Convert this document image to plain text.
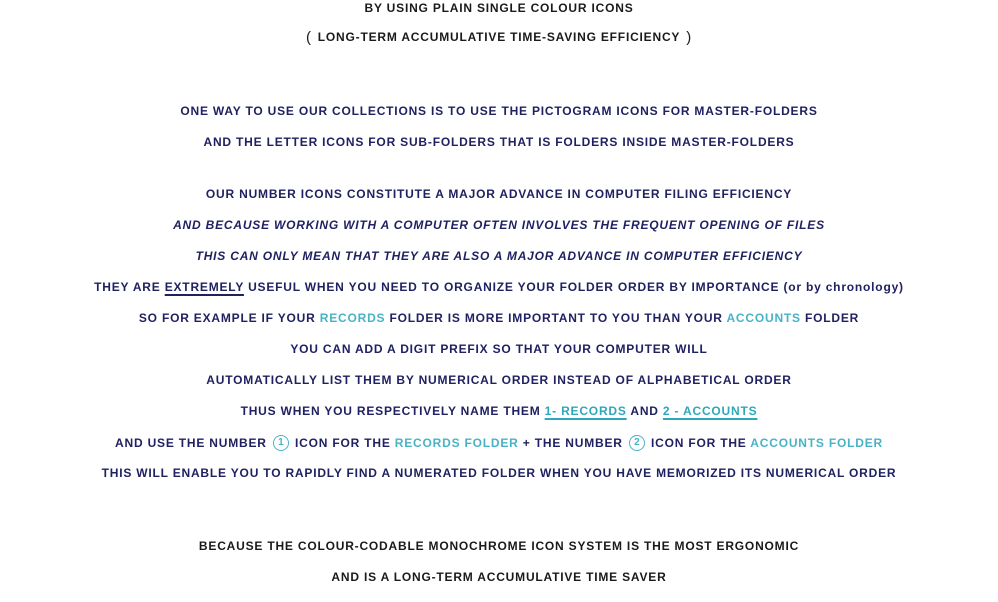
BY USING PLAIN SINGLE COLOUR ICONS
( LONG-TERM ACCUMULATIVE TIME-SAVING EFFICIENCY )
ONE WAY TO USE OUR COLLECTIONS IS TO USE THE PICTOGRAM ICONS FOR MASTER-FOLDERS
AND THE LETTER ICONS FOR SUB-FOLDERS THAT IS FOLDERS INSIDE MASTER-FOLDERS
OUR NUMBER ICONS CONSTITUTE A MAJOR ADVANCE IN COMPUTER FILING EFFICIENCY
AND BECAUSE WORKING WITH A COMPUTER OFTEN INVOLVES THE FREQUENT OPENING OF FILES
THIS CAN ONLY MEAN THAT THEY ARE ALSO A MAJOR ADVANCE IN COMPUTER EFFICIENCY
THEY ARE EXTREMELY USEFUL WHEN YOU NEED TO ORGANIZE YOUR FOLDER ORDER BY IMPORTANCE (or by chronology)
SO FOR EXAMPLE IF YOUR RECORDS FOLDER IS MORE IMPORTANT TO YOU THAN YOUR ACCOUNTS FOLDER
YOU CAN ADD A DIGIT PREFIX SO THAT YOUR COMPUTER WILL
AUTOMATICALLY LIST THEM BY NUMERICAL ORDER INSTEAD OF ALPHABETICAL ORDER
THUS WHEN YOU RESPECTIVELY NAME THEM 1- RECORDS AND 2 - ACCOUNTS
AND USE THE NUMBER 1 ICON FOR THE RECORDS FOLDER + THE NUMBER 2 ICON FOR THE ACCOUNTS FOLDER
THIS WILL ENABLE YOU TO RAPIDLY FIND A NUMERATED FOLDER WHEN YOU HAVE MEMORIZED ITS NUMERICAL ORDER
BECAUSE THE COLOUR-CODABLE MONOCHROME ICON SYSTEM IS THE MOST ERGONOMIC
AND IS A LONG-TERM ACCUMULATIVE TIME SAVER
